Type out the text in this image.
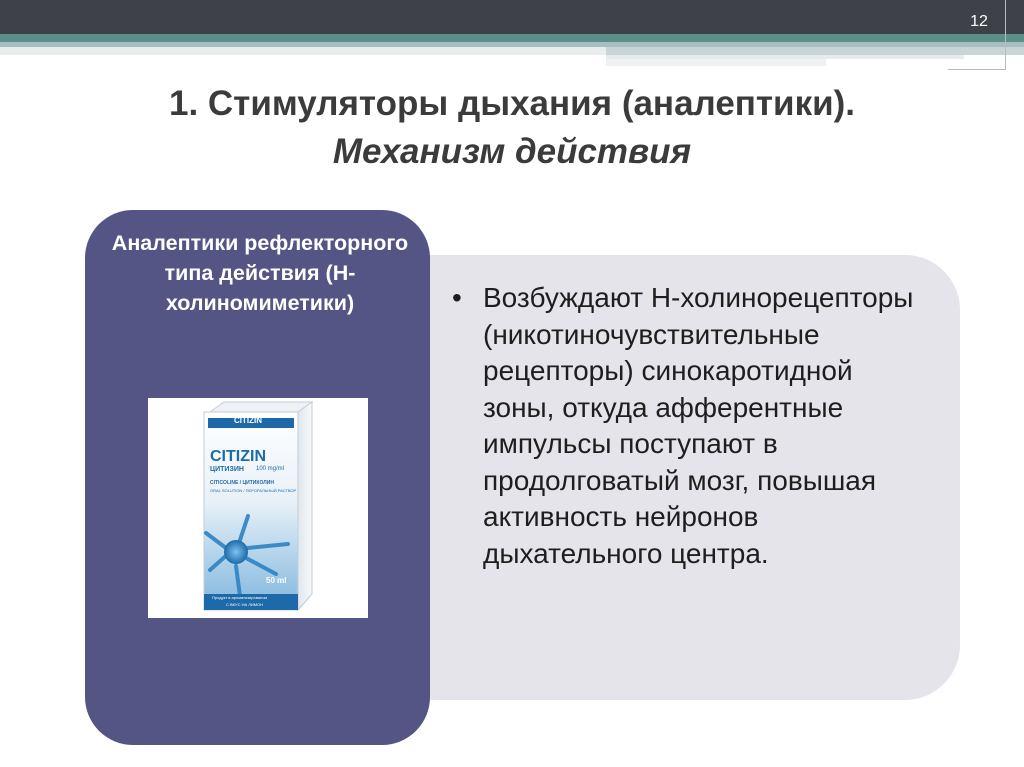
12
1. Стимуляторы дыхания (аналептики).
Механизм действия
• Возбуждают Н-холинорецепторы (никотиночувствительные рецепторы) синокаротидной зоны, откуда афферентные импульсы поступают в продолговатый мозг, повышая активность нейронов дыхательного центра.
Аналептики рефлекторного типа действия (Н-холиномиметики)
CITIZIN
CITIZIN
ЦИТИЗИН 100 mg/ml
CITICOLINE / ЦИТИКОЛИН
ORAL SOLUTION / ПЕРОРАЛЬНЫЙ РАСТВОР
50 ml
Продукт в ароматизированом
С ВКУС НА ЛИМОН
